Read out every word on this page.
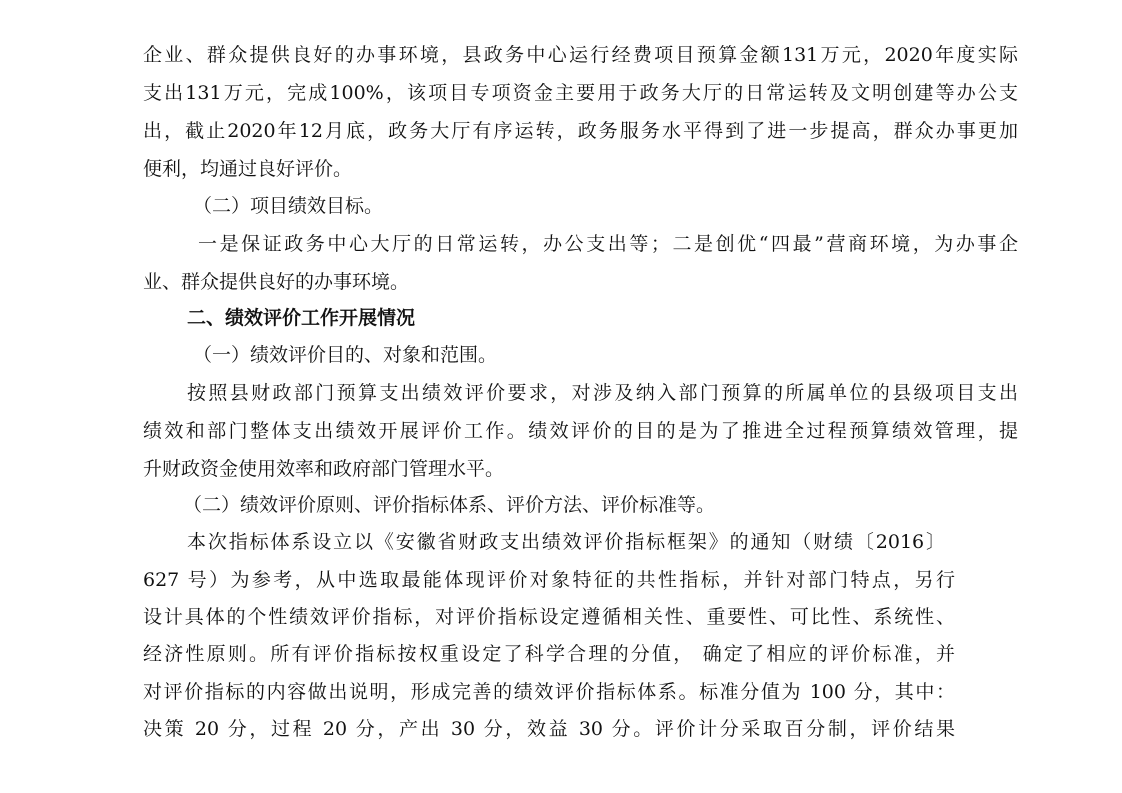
企业、群众提供良好的办事环境，县政务中心运行经费项目预算金额131万元，2020年度实际
支出131万元，完成100%，该项目专项资金主要用于政务大厅的日常运转及文明创建等办公支
出，截止2020年12月底，政务大厅有序运转，政务服务水平得到了进一步提高，群众办事更加
便利，均通过良好评价。
（二）项目绩效目标。
一是保证政务中心大厅的日常运转，办公支出等；二是创优“四最”营商环境，为办事企
业、群众提供良好的办事环境。
二、绩效评价工作开展情况
（一）绩效评价目的、对象和范围。
按照县财政部门预算支出绩效评价要求，对涉及纳入部门预算的所属单位的县级项目支出
绩效和部门整体支出绩效开展评价工作。绩效评价的目的是为了推进全过程预算绩效管理，提
升财政资金使用效率和政府部门管理水平。
（二）绩效评价原则、评价指标体系、评价方法、评价标准等。
本次指标体系设立以《安徽省财政支出绩效评价指标框架》的通知（财绩〔2016〕
627 号）为参考，从中选取最能体现评价对象特征的共性指标，并针对部门特点，另行
设计具体的个性绩效评价指标，对评价指标设定遵循相关性、重要性、可比性、系统性、
经济性原则。所有评价指标按权重设定了科学合理的分值， 确定了相应的评价标准，并
对评价指标的内容做出说明，形成完善的绩效评价指标体系。标准分值为 100 分，其中：
决策 20 分，过程 20 分，产出 30 分，效益 30 分。评价计分采取百分制，评价结果
